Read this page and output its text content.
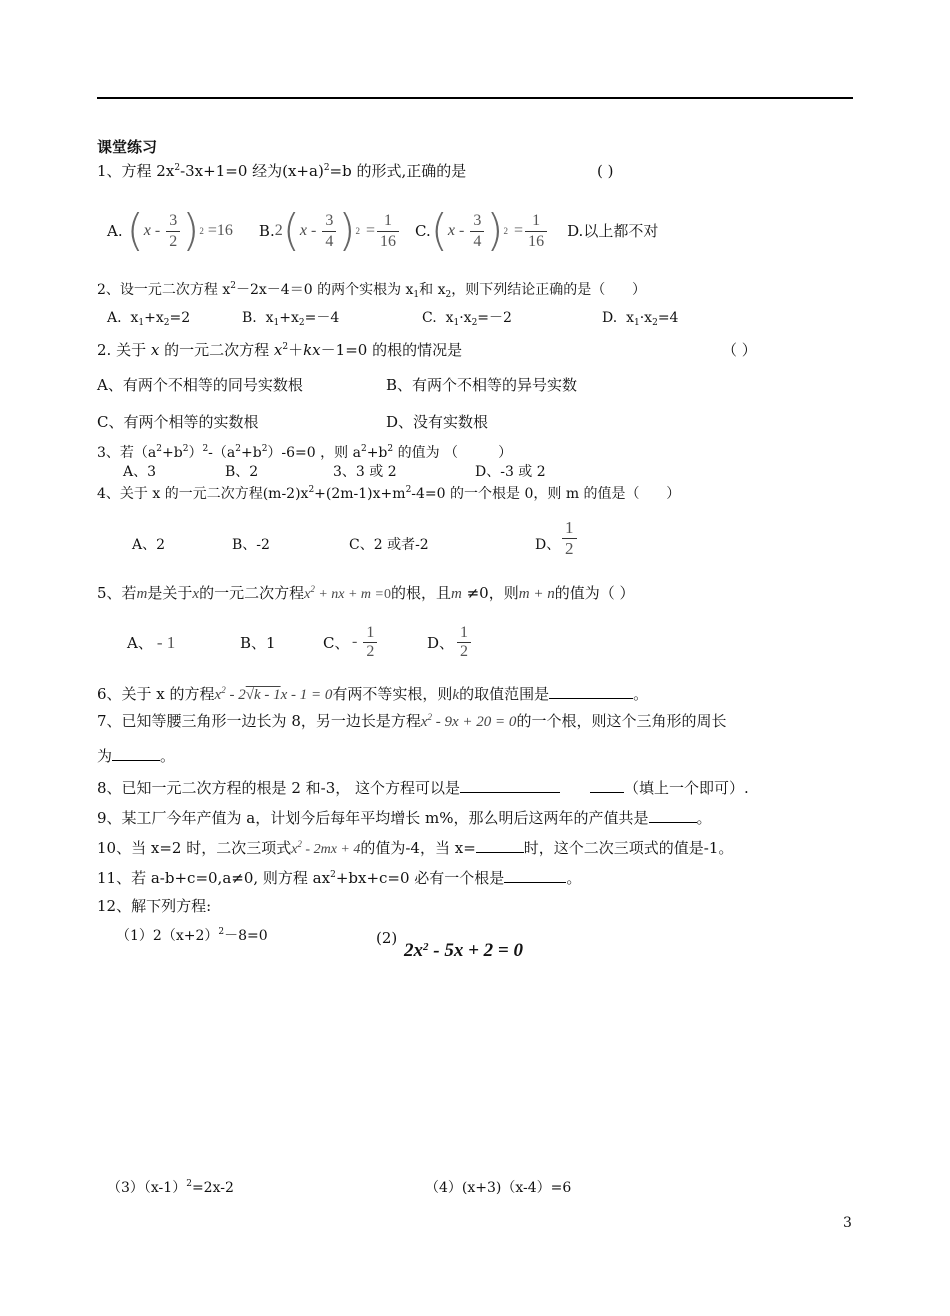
课堂练习
1、方程 $2x^2-3x+1=0$ 经为$(x+a)^2=b$ 的形式,正确的是	( )
A. ( x - $\frac{3}{2}$ ) 2 =16 B. 2 ( x - $\frac{3}{4}$ ) $2 = \frac{1}{16} C$. ( x - $\frac{3}{4}$ ) $2 = \frac{1}{16} D$.以上都不对
2、设一元二次方程 $x^2-2x-4=0$ 的两个实根为 $x_1$和 $x_2$，则下列结论正确的是（      ）
A.  $x_1+x_2=2$	B.  $x_1+x_2=-4$	C.  $x_1\cdot x_2=-2$	D.  $x_1\cdot x_2=4$
2. 关于 x 的一元二次方程 $x^2+kx-1=0$ 的根的情况是	（ ）
A、有两个不相等的同号实数根	B、有两个不相等的异号实数
C、有两个相等的实数根	D、没有实数根
3、若$(a^2+b^2)^2-(a^2+b^2)-6=0$ ，则 $a^2+b^2$ 的值为 （         ）
A、3	B、2	3、3 或 2	D、-3 或 2
4、关于 x 的一元二次方程$(m-2)x^2+(2m-1)x+m^2-4=0$ 的一个根是 0，则 m 的值是（      ）
A、2	B、-2	C、2 或者-2	D、 $\frac{1}{2}$
5、若m是关于x的一元二次方程$x^2$ + nx + m =0的根，且m ≠0，则m + n的值为（ ）
A、 - 1	B、1	C、 - $\frac{1}{2}$	D、 $\frac{1}{2}$
6、关于 x 的方程$x^2 - 2√k - 1x - 1 = 0$有两不等实根，则k的取值范围是	。
7、已知等腰三角形一边长为 8，另一边长是方程$x^2 - 9x + 20 = 0$的一个根，则这个三角形的周长
为	。
8、已知一元二次方程的根是 2 和-3， 这个方程可以是	（填上一个即可）.
9、某工厂今年产值为 a，计划今后每年平均增长 m%，那么明后这两年的产值共是	。
10、当 x=2 时，二次三项式$x^2 - 2mx + 4$的值为-4，当 x=	时，这个二次三项式的值是-1。
11、若 a-b+c=0,a≠0, 则方程 $ax^2+bx+c=0$ 必有一个根是	。
12、解下列方程:
$(1)2(x+2)^2-8=0$	(2)
$2x^2 - 5x + 2 = 0$
$(3)(x-1)^2=2x-2$	（4）(x+3)（x-4）=6
3
